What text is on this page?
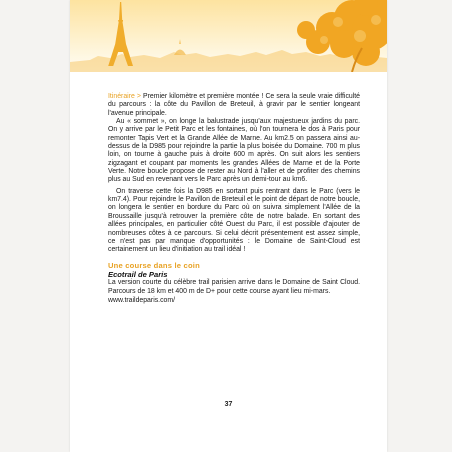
Itinéraire > Premier kilomètre et première montée ! Ce sera la seule vraie difficulté du parcours : la côte du Pavillon de Breteuil, à gravir par le sentier longeant l'avenue principale.

Au « sommet », on longe la balustrade jusqu'aux majestueux jardins du parc. On y arrive par le Petit Parc et les fontaines, où l'on tournera le dos à Paris pour remonter Tapis Vert et la Grande Allée de Marne. Au km2.5 on passera ainsi au-dessus de la D985 pour rejoindre la partie la plus boisée du Domaine. 700 m plus loin, on tourne à gauche puis à droite 600 m après. On suit alors les sentiers zigzagant et coupant par moments les grandes Allées de Marne et de la Porte Verte. Notre boucle propose de rester au Nord à l'aller et de profiter des chemins plus au Sud en revenant vers le Parc après un demi-tour au km6.

On traverse cette fois la D985 en sortant puis rentrant dans le Parc (vers le km7.4). Pour rejoindre le Pavillon de Breteuil et le point de départ de notre boucle, on longera le sentier en bordure du Parc où on suivra simplement l'Allée de la Broussaille jusqu'à retrouver la première côte de notre balade. En sortant des allées principales, en particulier côté Ouest du Parc, il est possible d'ajouter de nombreuses côtes à ce parcours. Si celui décrit présentement est assez simple, ce n'est pas par manque d'opportunités : le Domaine de Saint-Cloud est certainement un lieu d'initiation au trail idéal !

Une course dans le coin
Ecotrail de Paris

La version courte du célèbre trail parisien arrive dans le Domaine de Saint Cloud. Parcours de 18 km et 400 m de D+ pour cette course ayant lieu mi-mars.

www.traildeparis.com/
37
